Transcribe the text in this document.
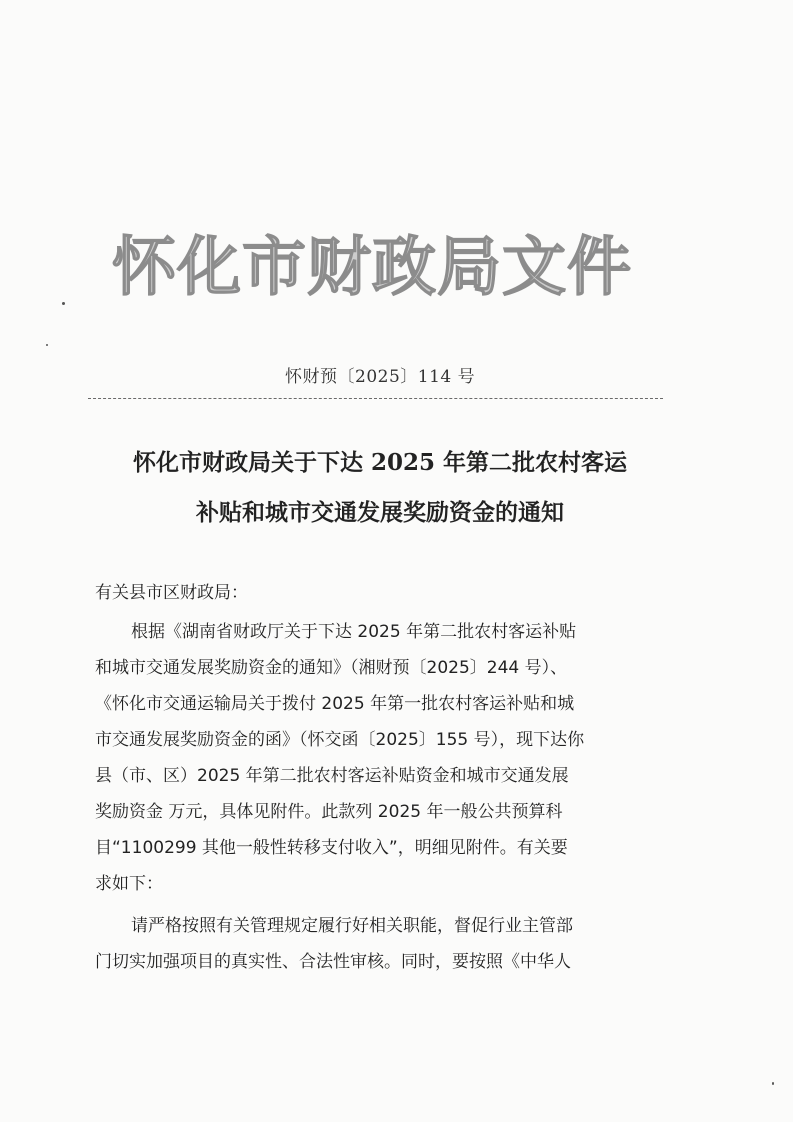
怀化市财政局文件
怀财预〔2025〕114 号
怀化市财政局关于下达 2025 年第二批农村客运
补贴和城市交通发展奖励资金的通知
有关县市区财政局：
根据《湖南省财政厅关于下达 2025 年第二批农村客运补贴
和城市交通发展奖励资金的通知》（湘财预〔2025〕244 号）、
《怀化市交通运输局关于拨付 2025 年第一批农村客运补贴和城
市交通发展奖励资金的函》（怀交函〔2025〕155 号），现下达你
县（市、区）2025 年第二批农村客运补贴资金和城市交通发展
奖励资金 万元，具体见附件。此款列 2025 年一般公共预算科
目“1100299 其他一般性转移支付收入”，明细见附件。有关要
求如下：
请严格按照有关管理规定履行好相关职能，督促行业主管部
门切实加强项目的真实性、合法性审核。同时，要按照《中华人
